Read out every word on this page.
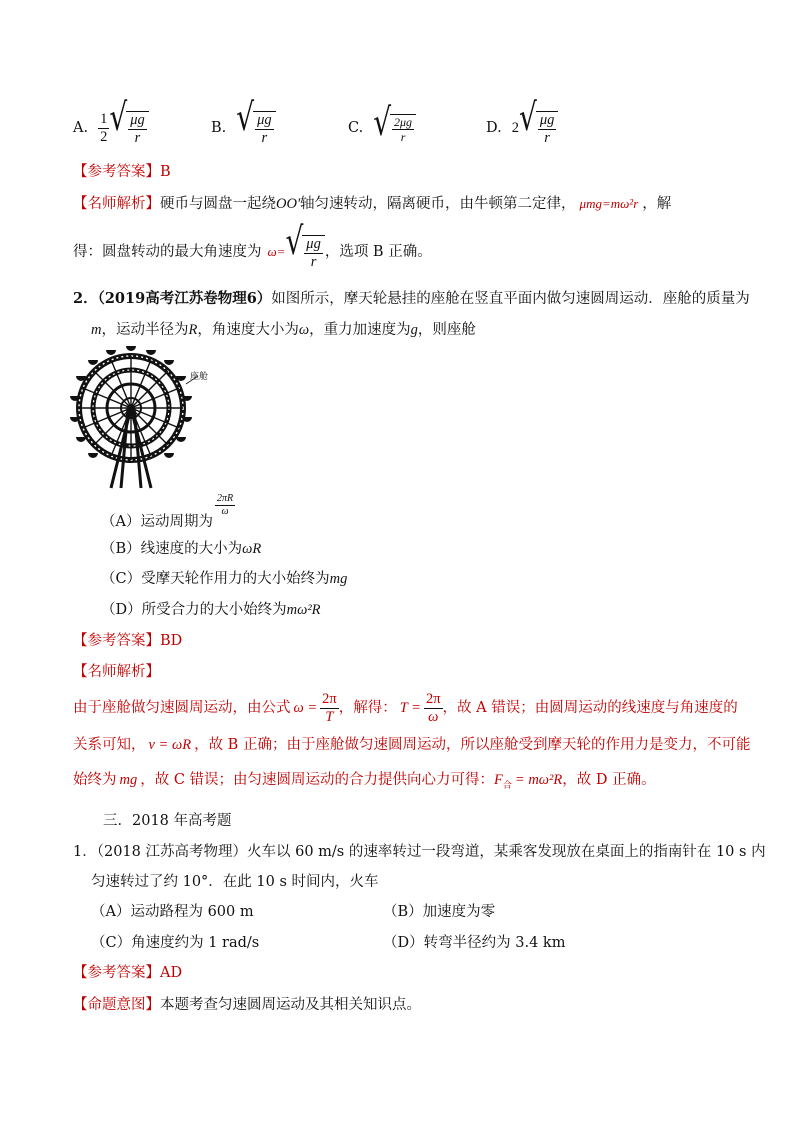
A. $\frac{1}{2}$ √ $\frac{\mu g}{r}$	B. √ $\frac{\mu g}{r}$	C. √ $\frac{2\mu g}{r}$	D. 2 √ $\frac{\mu g}{r}$
【参考答案】B
【名师解析】硬币与圆盘一起绕OO'轴匀速转动，隔离硬币，由牛顿第二定律， μmg=mω²r ，解
得：圆盘转动的最大角速度为 ω= √ $\frac{\mu g}{r}$ ，选项 B 正确。
2．（2019高考江苏卷物理6）如图所示，摩天轮悬挂的座舱在竖直平面内做匀速圆周运动．座舱的质量为
m，运动半径为R，角速度大小为ω，重力加速度为g，则座舱
座舱
（A）运动周期为
$\frac{2\pi R}{\omega}$
（B）线速度的大小为ωR
（C）受摩天轮作用力的大小始终为mg
（D）所受合力的大小始终为mω²R
【参考答案】BD
【名师解析】
由于座舱做匀速圆周运动，由公式 $\omega = \frac{2\pi}{T}$ ，解得： $T = \frac{2\pi}{\omega}$ ，故 A 错误；由圆周运动的线速度与角速度的
关系可知， v = ωR ，故 B 正确；由于座舱做匀速圆周运动，所以座舱受到摩天轮的作用力是变力，不可能
始终为 mg ，故 C 错误；由匀速圆周运动的合力提供向心力可得：$F_合 = m\omega^2R$，故 D 正确。
三．2018 年高考题
1．（2018 江苏高考物理）火车以 60 m/s 的速率转过一段弯道，某乘客发现放在桌面上的指南针在 10 s 内
匀速转过了约 10°．在此 10 s 时间内，火车
（A）运动路程为 600 m	（B）加速度为零
（C）角速度约为 1 rad/s	（D）转弯半径约为 3.4 km
【参考答案】AD
【命题意图】本题考查匀速圆周运动及其相关知识点。
